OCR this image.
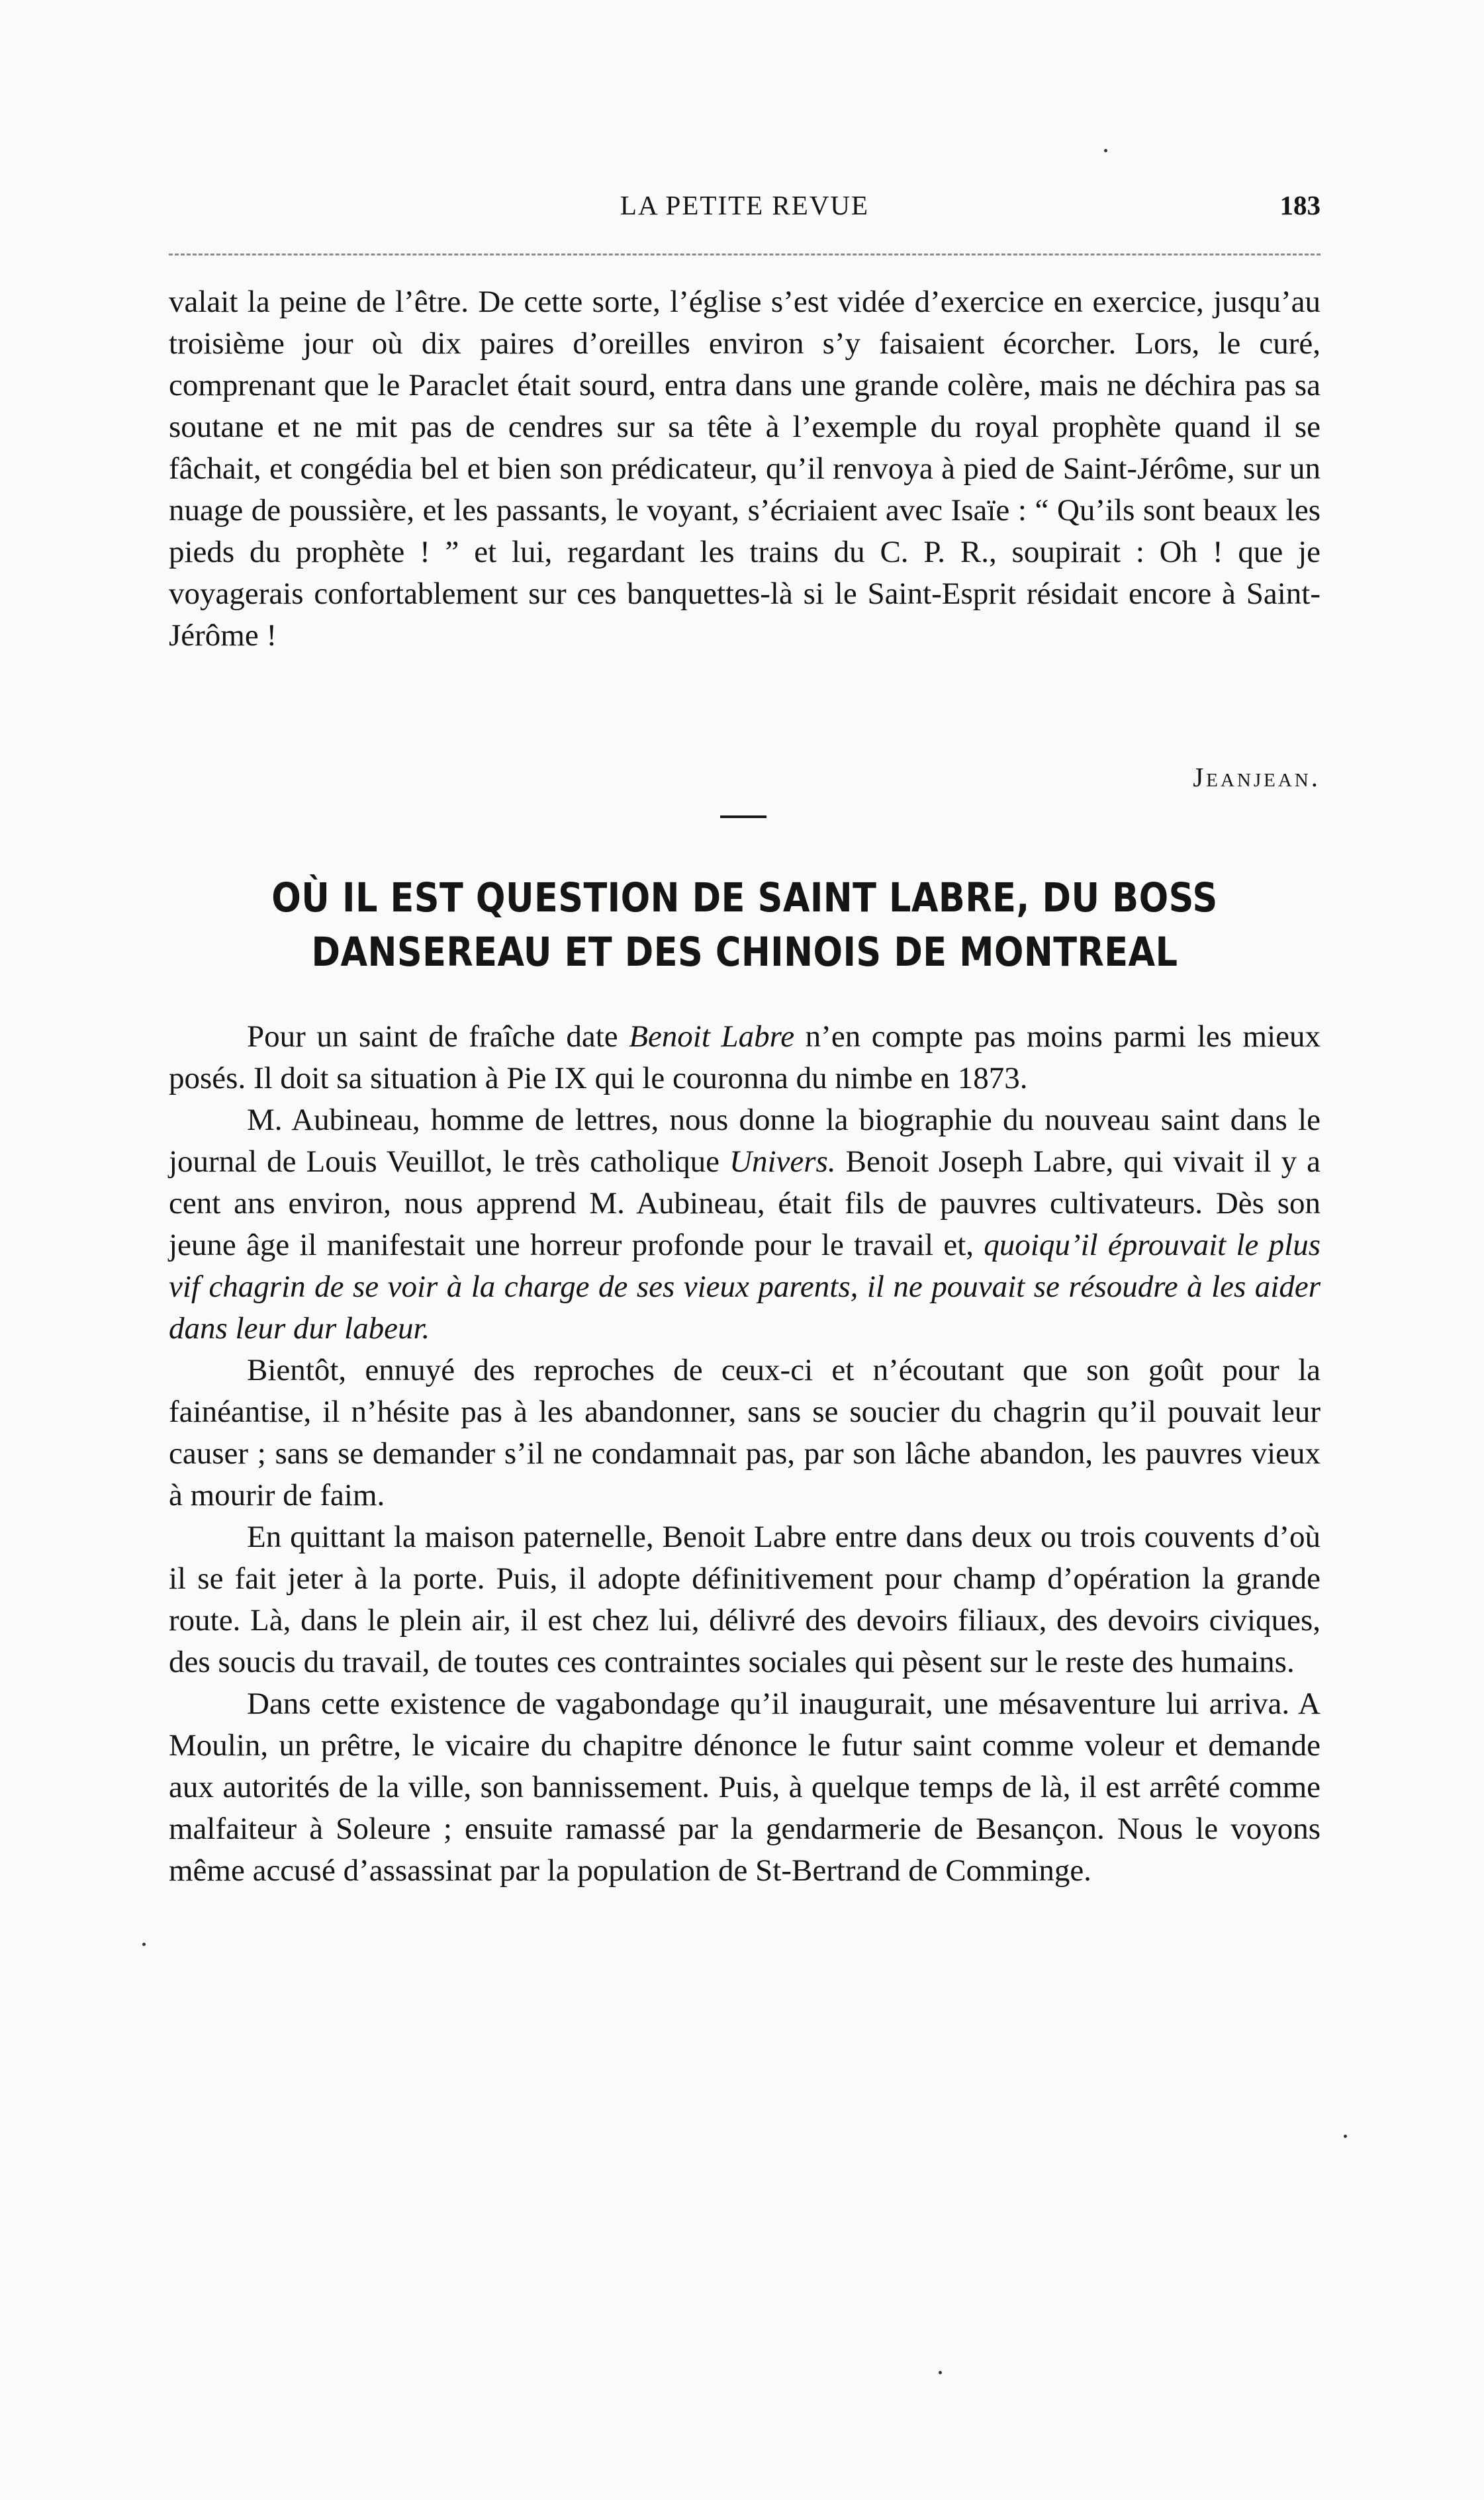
LA PETITE REVUE	183

valait la peine de l’être. De cette sorte, l’église s’est vidée d’exercice en exercice, jusqu’au troisième jour où dix paires d’oreilles environ s’y faisaient écorcher. Lors, le curé, comprenant que le Paraclet était sourd, entra dans une grande colère, mais ne déchira pas sa soutane et ne mit pas de cendres sur sa tête à l’exemple du royal prophète quand il se fâchait, et congédia bel et bien son prédicateur, qu’il renvoya à pied de Saint-Jérôme, sur un nuage de poussière, et les passants, le voyant, s’écriaient avec Isaïe : “ Qu’ils sont beaux les pieds du prophète ! ” et lui, regardant les trains du C. P. R., soupirait : Oh ! que je voyagerais confortablement sur ces banquettes-là si le Saint-Esprit résidait encore à Saint-Jérôme !

Jeanjean.
OÙ IL EST QUESTION DE SAINT LABRE, DU BOSS
DANSEREAU ET DES CHINOIS DE MONTREAL

Pour un saint de fraîche date Benoit Labre n’en compte pas moins parmi les mieux posés. Il doit sa situation à Pie IX qui le couronna du nimbe en 1873.

M. Aubineau, homme de lettres, nous donne la biographie du nouveau saint dans le journal de Louis Veuillot, le très catholique Univers. Benoit Joseph Labre, qui vivait il y a cent ans environ, nous apprend M. Aubineau, était fils de pauvres cultivateurs. Dès son jeune âge il manifestait une horreur profonde pour le travail et, quoiqu’il éprouvait le plus vif chagrin de se voir à la charge de ses vieux parents, il ne pouvait se résoudre à les aider dans leur dur labeur.

Bientôt, ennuyé des reproches de ceux-ci et n’écoutant que son goût pour la fainéantise, il n’hésite pas à les abandonner, sans se soucier du chagrin qu’il pouvait leur causer ; sans se demander s’il ne condamnait pas, par son lâche abandon, les pauvres vieux à mourir de faim.

En quittant la maison paternelle, Benoit Labre entre dans deux ou trois couvents d’où il se fait jeter à la porte. Puis, il adopte définitivement pour champ d’opération la grande route. Là, dans le plein air, il est chez lui, délivré des devoirs filiaux, des devoirs civiques, des soucis du travail, de toutes ces contraintes sociales qui pèsent sur le reste des humains.

Dans cette existence de vagabondage qu’il inaugurait, une mésaventure lui arriva. A Moulin, un prêtre, le vicaire du chapitre dénonce le futur saint comme voleur et demande aux autorités de la ville, son bannissement. Puis, à quelque temps de là, il est arrêté comme malfaiteur à Soleure ; ensuite ramassé par la gendarmerie de Besançon. Nous le voyons même accusé d’assassinat par la population de St-Bertrand de Comminge.
